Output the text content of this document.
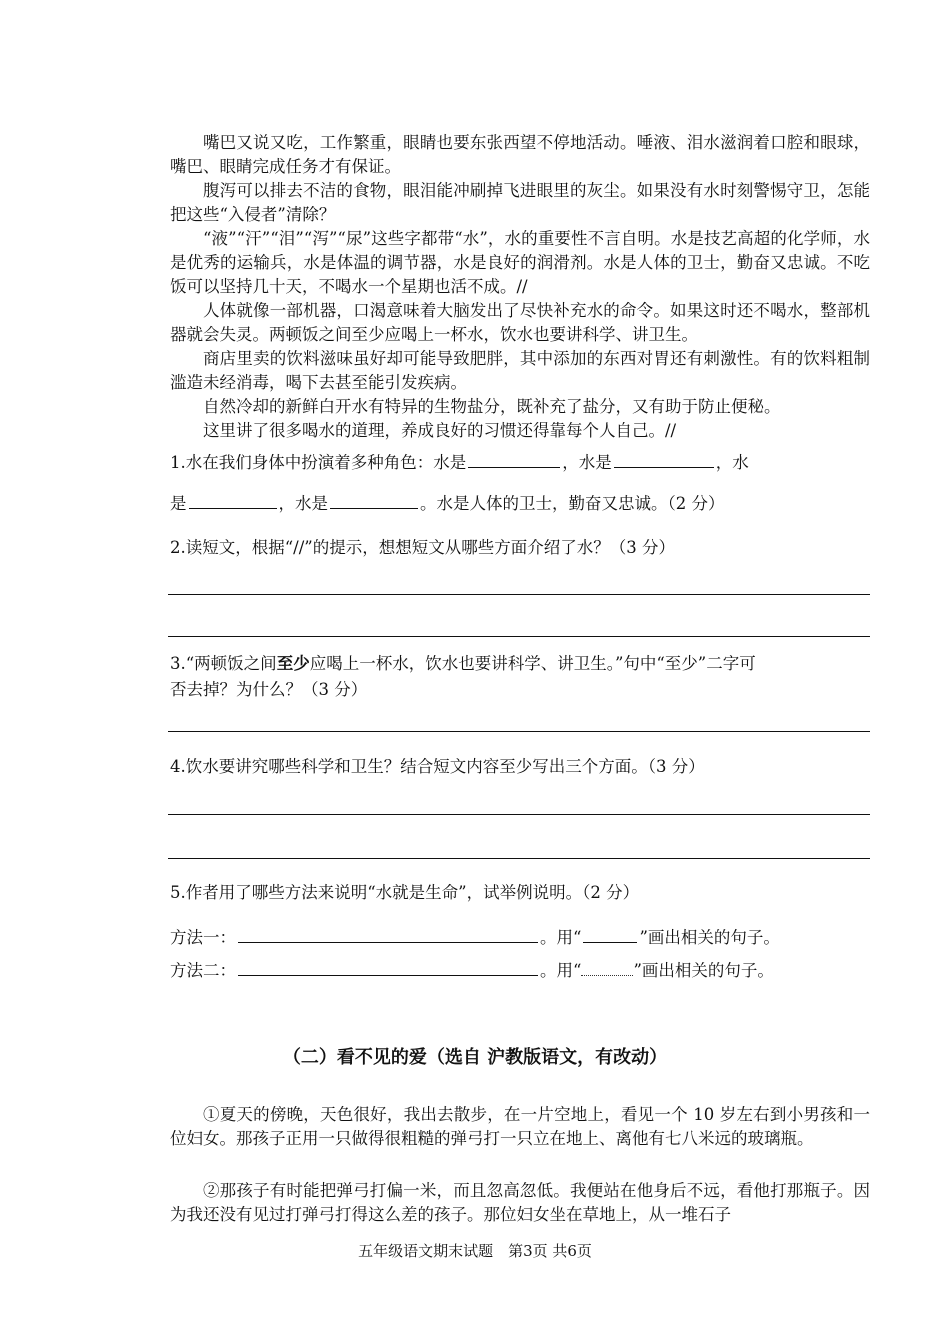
嘴巴又说又吃，工作繁重，眼睛也要东张西望不停地活动。唾液、泪水滋润着口腔和眼球，嘴巴、眼睛完成任务才有保证。

腹泻可以排去不洁的食物，眼泪能冲刷掉飞进眼里的灰尘。如果没有水时刻警惕守卫，怎能把这些“入侵者”清除？

“液”“汗”“泪”“泻”“尿”这些字都带“水”，水的重要性不言自明。水是技艺高超的化学师，水是优秀的运输兵，水是体温的调节器，水是良好的润滑剂。水是人体的卫士，勤奋又忠诚。不吃饭可以坚持几十天，不喝水一个星期也活不成。//

人体就像一部机器，口渴意味着大脑发出了尽快补充水的命令。如果这时还不喝水，整部机器就会失灵。两顿饭之间至少应喝上一杯水，饮水也要讲科学、讲卫生。

商店里卖的饮料滋味虽好却可能导致肥胖，其中添加的东西对胃还有刺激性。有的饮料粗制滥造未经消毒，喝下去甚至能引发疾病。

自然冷却的新鲜白开水有特异的生物盐分，既补充了盐分，又有助于防止便秘。

这里讲了很多喝水的道理，养成良好的习惯还得靠每个人自己。//

1.水在我们身体中扮演着多种角色：水是	，水是	，水
是	，水是	。水是人体的卫士，勤奋又忠诚。（2 分）
2.读短文，根据“//”的提示，想想短文从哪些方面介绍了水？（3 分）
3.“两顿饭之间至少应喝上一杯水，饮水也要讲科学、讲卫生。”句中“至少”二字可
否去掉？为什么？（3 分）
4.饮水要讲究哪些科学和卫生？结合短文内容至少写出三个方面。（3 分）
5.作者用了哪些方法来说明“水就是生命”，试举例说明。（2 分）
方法一：	。用“	”画出相关的句子。
方法二：	。用“	”画出相关的句子。
（二）看不见的爱（选自 沪教版语文，有改动）

①夏天的傍晚，天色很好，我出去散步，在一片空地上，看见一个 10 岁左右到小男孩和一位妇女。那孩子正用一只做得很粗糙的弹弓打一只立在地上、离他有七八米远的玻璃瓶。

②那孩子有时能把弹弓打偏一米，而且忽高忽低。我便站在他身后不远，看他打那瓶子。因为我还没有见过打弹弓打得这么差的孩子。那位妇女坐在草地上，从一堆石子

五年级语文期末试题　第3页 共6页
